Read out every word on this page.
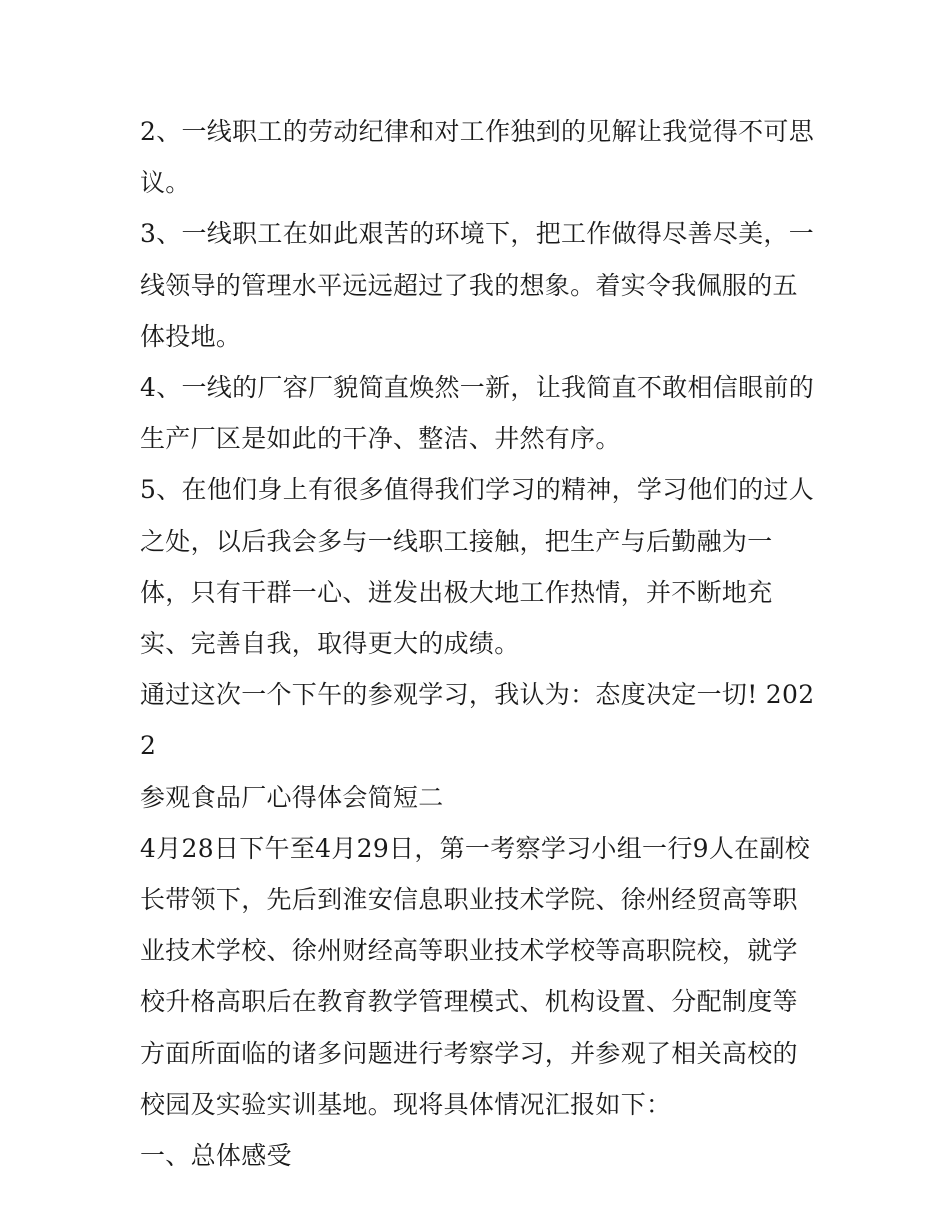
2、一线职工的劳动纪律和对工作独到的见解让我觉得不可思议。

3、一线职工在如此艰苦的环境下，把工作做得尽善尽美，一线领导的管理水平远远超过了我的想象。着实令我佩服的五体投地。

4、一线的厂容厂貌简直焕然一新，让我简直不敢相信眼前的生产厂区是如此的干净、整洁、井然有序。

5、在他们身上有很多值得我们学习的精神，学习他们的过人之处，以后我会多与一线职工接触，把生产与后勤融为一体，只有干群一心、迸发出极大地工作热情，并不断地充实、完善自我，取得更大的成绩。

通过这次一个下午的参观学习，我认为：态度决定一切! 2022

参观食品厂心得体会简短二

4月28日下午至4月29日，第一考察学习小组一行9人在副校长带领下，先后到淮安信息职业技术学院、徐州经贸高等职业技术学校、徐州财经高等职业技术学校等高职院校，就学校升格高职后在教育教学管理模式、机构设置、分配制度等方面所面临的诸多问题进行考察学习，并参观了相关高校的校园及实验实训基地。现将具体情况汇报如下：

一、总体感受
